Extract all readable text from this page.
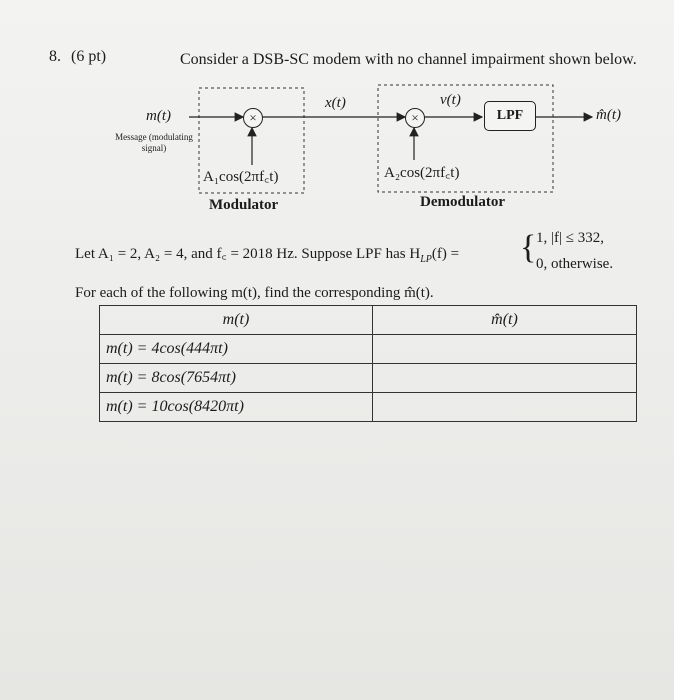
8. (6 pt)	Consider a DSB-SC modem with no channel impairment shown below.
m(t)
Message (modulating signal)
×	×
x(t)	v(t)
LPF	m̂(t)
A₁cos(2πf꜀t)	A₂cos(2πf꜀t)
Modulator	Demodulator
Let A₁ = 2, A₂ = 4, and f꜀ = 2018 Hz. Suppose LPF has $H_{LP}(f)$ = { 1, |f| ≤ 332,
0, otherwise.
For each of the following m(t), find the corresponding m̂(t).
m(t)	m̂(t)
m(t) = 4cos(444πt)	
m(t) = 8cos(7654πt)	
m(t) = 10cos(8420πt)	
